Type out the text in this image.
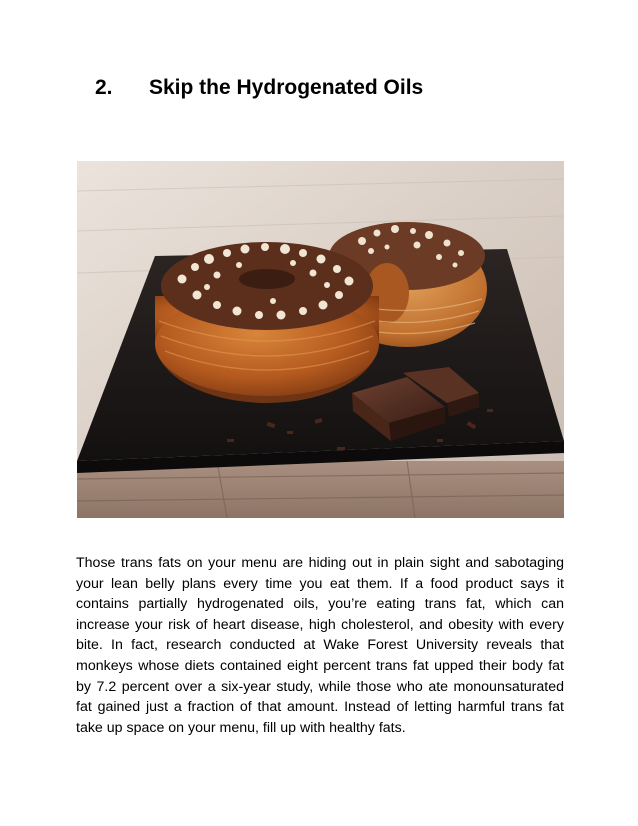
2.	Skip the Hydrogenated Oils

Those trans fats on your menu are hiding out in plain sight and sabotaging your lean belly plans every time you eat them. If a food product says it contains partially hydrogenated oils, you’re eating trans fat, which can increase your risk of heart disease, high cholesterol, and obesity with every bite. In fact, research conducted at Wake Forest University reveals that monkeys whose diets contained eight percent trans fat upped their body fat by 7.2 percent over a six-year study, while those who ate monounsaturated fat gained just a fraction of that amount. Instead of letting harmful trans fat take up space on your menu, fill up with healthy fats.
